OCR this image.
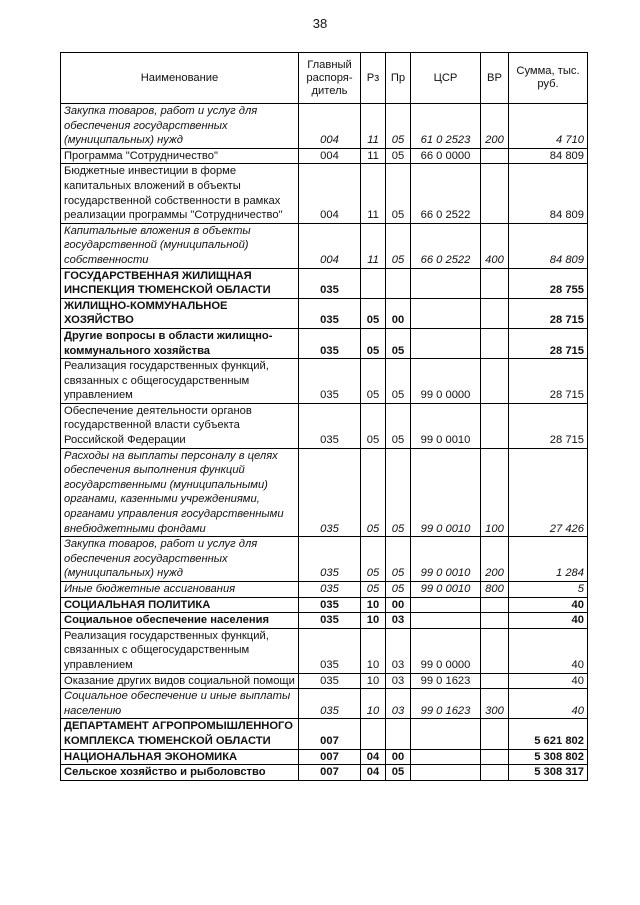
38
Наименование	Главный распоря-дитель	Рз	Пр	ЦСР	ВР	Сумма, тыс. руб.
Закупка товаров, работ и услуг для обеспечения государственных (муниципальных) нужд	004	11	05	61 0 2523	200	4 710
Программа "Сотрудничество"	004	11	05	66 0 0000		84 809
Бюджетные инвестиции в форме капитальных вложений в объекты государственной собственности в рамках реализации программы "Сотрудничество"	004	11	05	66 0 2522		84 809
Капитальные вложения в объекты государственной (муниципальной) собственности	004	11	05	66 0 2522	400	84 809
ГОСУДАРСТВЕННАЯ ЖИЛИЩНАЯ ИНСПЕКЦИЯ ТЮМЕНСКОЙ ОБЛАСТИ	035					28 755
ЖИЛИЩНО-КОММУНАЛЬНОЕ ХОЗЯЙСТВО	035	05	00			28 715
Другие вопросы в области жилищно-коммунального хозяйства	035	05	05			28 715
Реализация государственных функций, связанных с общегосударственным управлением	035	05	05	99 0 0000		28 715
Обеспечение деятельности органов государственной власти субъекта Российской Федерации	035	05	05	99 0 0010		28 715
Расходы на выплаты персоналу в целях обеспечения выполнения функций государственными (муниципальными) органами, казенными учреждениями, органами управления государственными внебюджетными фондами	035	05	05	99 0 0010	100	27 426
Закупка товаров, работ и услуг для обеспечения государственных (муниципальных) нужд	035	05	05	99 0 0010	200	1 284
Иные бюджетные ассигнования	035	05	05	99 0 0010	800	5
СОЦИАЛЬНАЯ ПОЛИТИКА	035	10	00			40
Социальное обеспечение населения	035	10	03			40
Реализация государственных функций, связанных с общегосударственным управлением	035	10	03	99 0 0000		40
Оказание других видов социальной помощи	035	10	03	99 0 1623		40
Социальное обеспечение и иные выплаты населению	035	10	03	99 0 1623	300	40
ДЕПАРТАМЕНТ АГРОПРОМЫШЛЕННОГО КОМПЛЕКСА ТЮМЕНСКОЙ ОБЛАСТИ	007					5 621 802
НАЦИОНАЛЬНАЯ ЭКОНОМИКА	007	04	00			5 308 802
Сельское хозяйство и рыболовство	007	04	05			5 308 317
